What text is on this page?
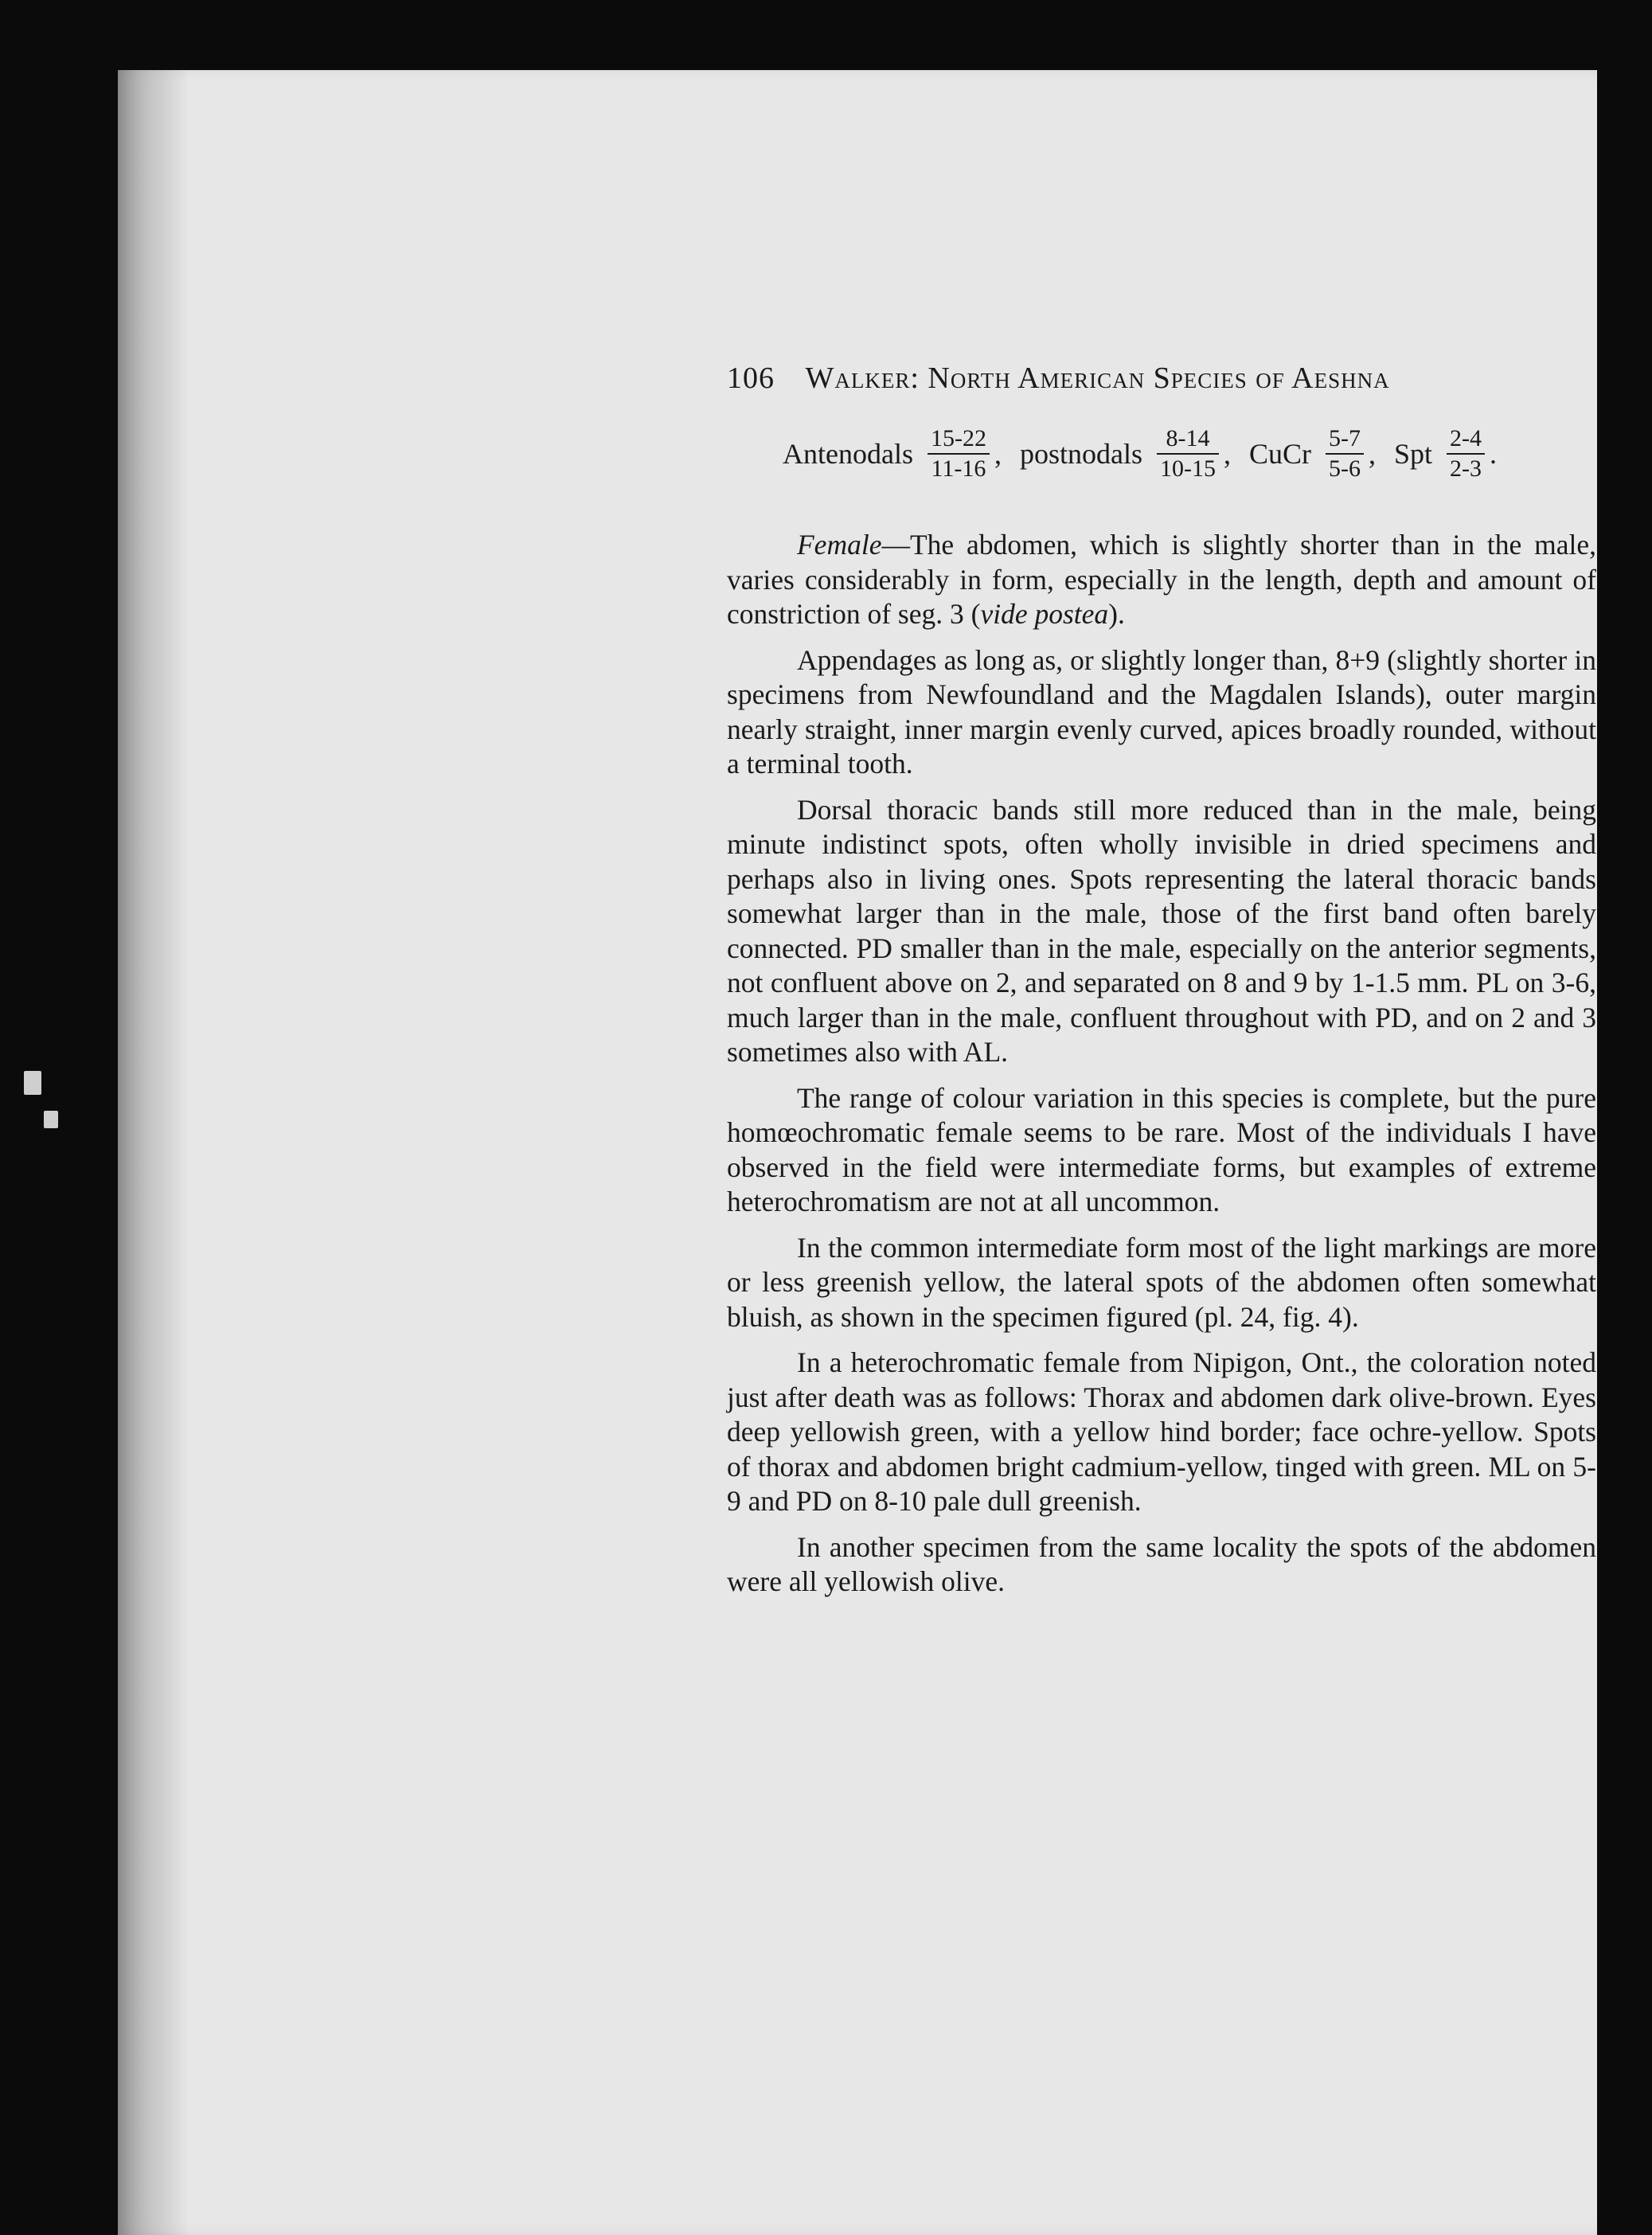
106 Walker: North American Species of Aeshna
Antenodals $\frac{15-22}{11-16}$ , postnodals $\frac{8-14}{10-15}$ , CuCr $\frac{5-7}{5-6}$ , Spt $\frac{2-4}{2-3}$ .

Female—The abdomen, which is slightly shorter than in the male, varies considerably in form, especially in the length, depth and amount of constriction of seg. 3 (vide postea).

Appendages as long as, or slightly longer than, 8+9 (slightly shorter in specimens from Newfoundland and the Magdalen Islands), outer margin nearly straight, inner margin evenly curved, apices broadly rounded, without a terminal tooth.

Dorsal thoracic bands still more reduced than in the male, being minute indistinct spots, often wholly invisible in dried specimens and perhaps also in living ones. Spots representing the lateral thoracic bands somewhat larger than in the male, those of the first band often barely connected. PD smaller than in the male, especially on the anterior segments, not confluent above on 2, and separated on 8 and 9 by 1-1.5 mm. PL on 3-6, much larger than in the male, confluent throughout with PD, and on 2 and 3 sometimes also with AL.

The range of colour variation in this species is complete, but the pure homœochromatic female seems to be rare. Most of the individuals I have observed in the field were intermediate forms, but examples of extreme heterochromatism are not at all uncommon.

In the common intermediate form most of the light markings are more or less greenish yellow, the lateral spots of the abdomen often somewhat bluish, as shown in the specimen figured (pl. 24, fig. 4).

In a heterochromatic female from Nipigon, Ont., the coloration noted just after death was as follows: Thorax and abdomen dark olive-brown. Eyes deep yellowish green, with a yellow hind border; face ochre-yellow. Spots of thorax and abdomen bright cadmium-yellow, tinged with green. ML on 5-9 and PD on 8-10 pale dull greenish.

In another specimen from the same locality the spots of the abdomen were all yellowish olive.
